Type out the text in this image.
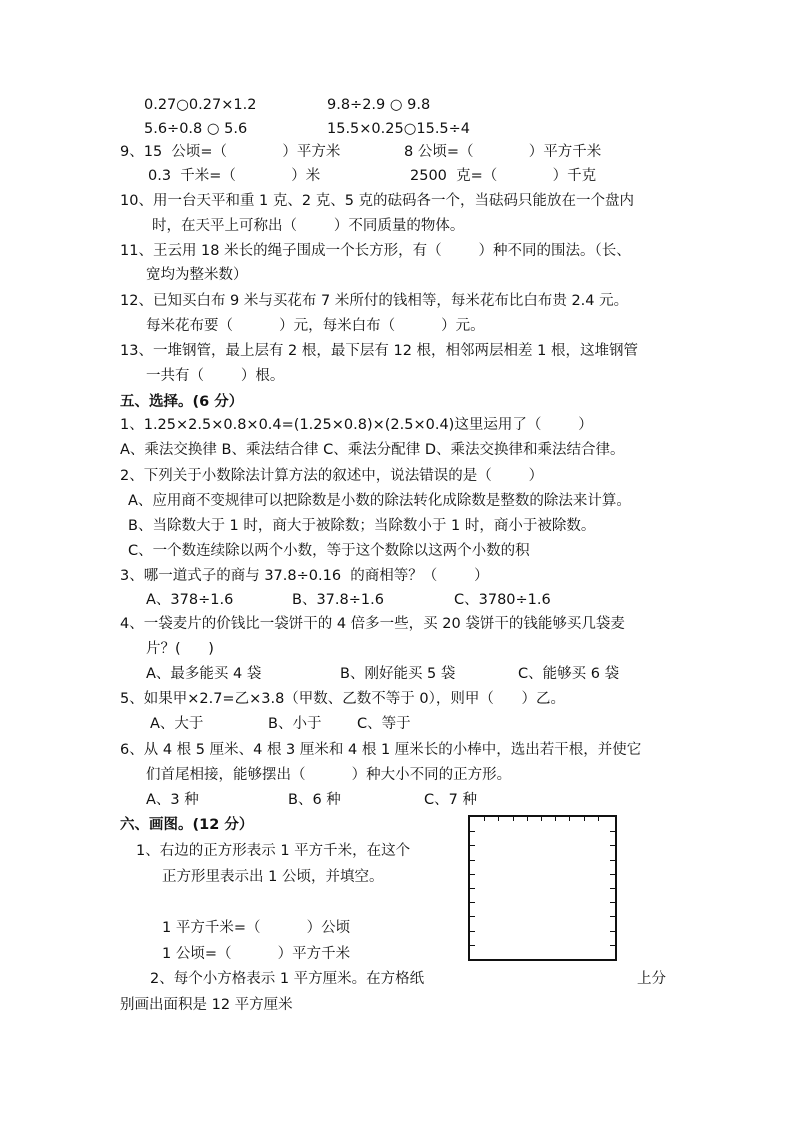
0.27○0.27×1.2	9.8÷2.9 ○ 9.8
5.6÷0.8 ○ 5.6	15.5×0.25○15.5÷4
9、15  公顷=（            ）平方米	8 公顷=（            ）平方千米
0.3  千米=（            ）米	2500  克=（            ）千克
10、用一台天平和重 1 克、2 克、5 克的砝码各一个，当砝码只能放在一个盘内
时，在天平上可称出（        ）不同质量的物体。
11、王云用 18 米长的绳子围成一个长方形，有（        ）种不同的围法。（长、
宽均为整米数）
12、已知买白布 9 米与买花布 7 米所付的钱相等，每米花布比白布贵 2.4 元。
每米花布要（          ）元，每米白布（          ）元。
13、一堆钢管，最上层有 2 根，最下层有 12 根，相邻两层相差 1 根，这堆钢管
一共有（        ）根。
五、选择。(6 分）
1、1.25×2.5×0.8×0.4=(1.25×0.8)×(2.5×0.4)这里运用了（        ）
A、乘法交换律 B、乘法结合律 C、乘法分配律 D、乘法交换律和乘法结合律。
2、下列关于小数除法计算方法的叙述中，说法错误的是（        ）
A、应用商不变规律可以把除数是小数的除法转化成除数是整数的除法来计算。
B、当除数大于 1 时，商大于被除数；当除数小于 1 时，商小于被除数。
C、一个数连续除以两个小数，等于这个数除以这两个小数的积
3、哪一道式子的商与 37.8÷0.16  的商相等？（        ）
A、378÷1.6	B、37.8÷1.6	C、3780÷1.6
4、一袋麦片的价钱比一袋饼干的 4 倍多一些，买 20 袋饼干的钱能够买几袋麦
片？(      )
A、最多能买 4 袋	B、刚好能买 5 袋	C、能够买 6 袋
5、如果甲×2.7=乙×3.8（甲数、乙数不等于 0），则甲（      ）乙。
A、大于	B、小于 C、等于
6、从 4 根 5 厘米、4 根 3 厘米和 4 根 1 厘米长的小棒中，选出若干根，并使它
们首尾相接，能够摆出（          ）种大小不同的正方形。
A、3 种	B、6 种	C、7 种
六、画图。(12 分）
1、右边的正方形表示 1 平方千米，在这个
正方形里表示出 1 公顷，并填空。
1 平方千米=（          ）公顷
1 公顷=（          ）平方千米
2、每个小方格表示 1 平方厘米。在方格纸	上分
别画出面积是 12 平方厘米
